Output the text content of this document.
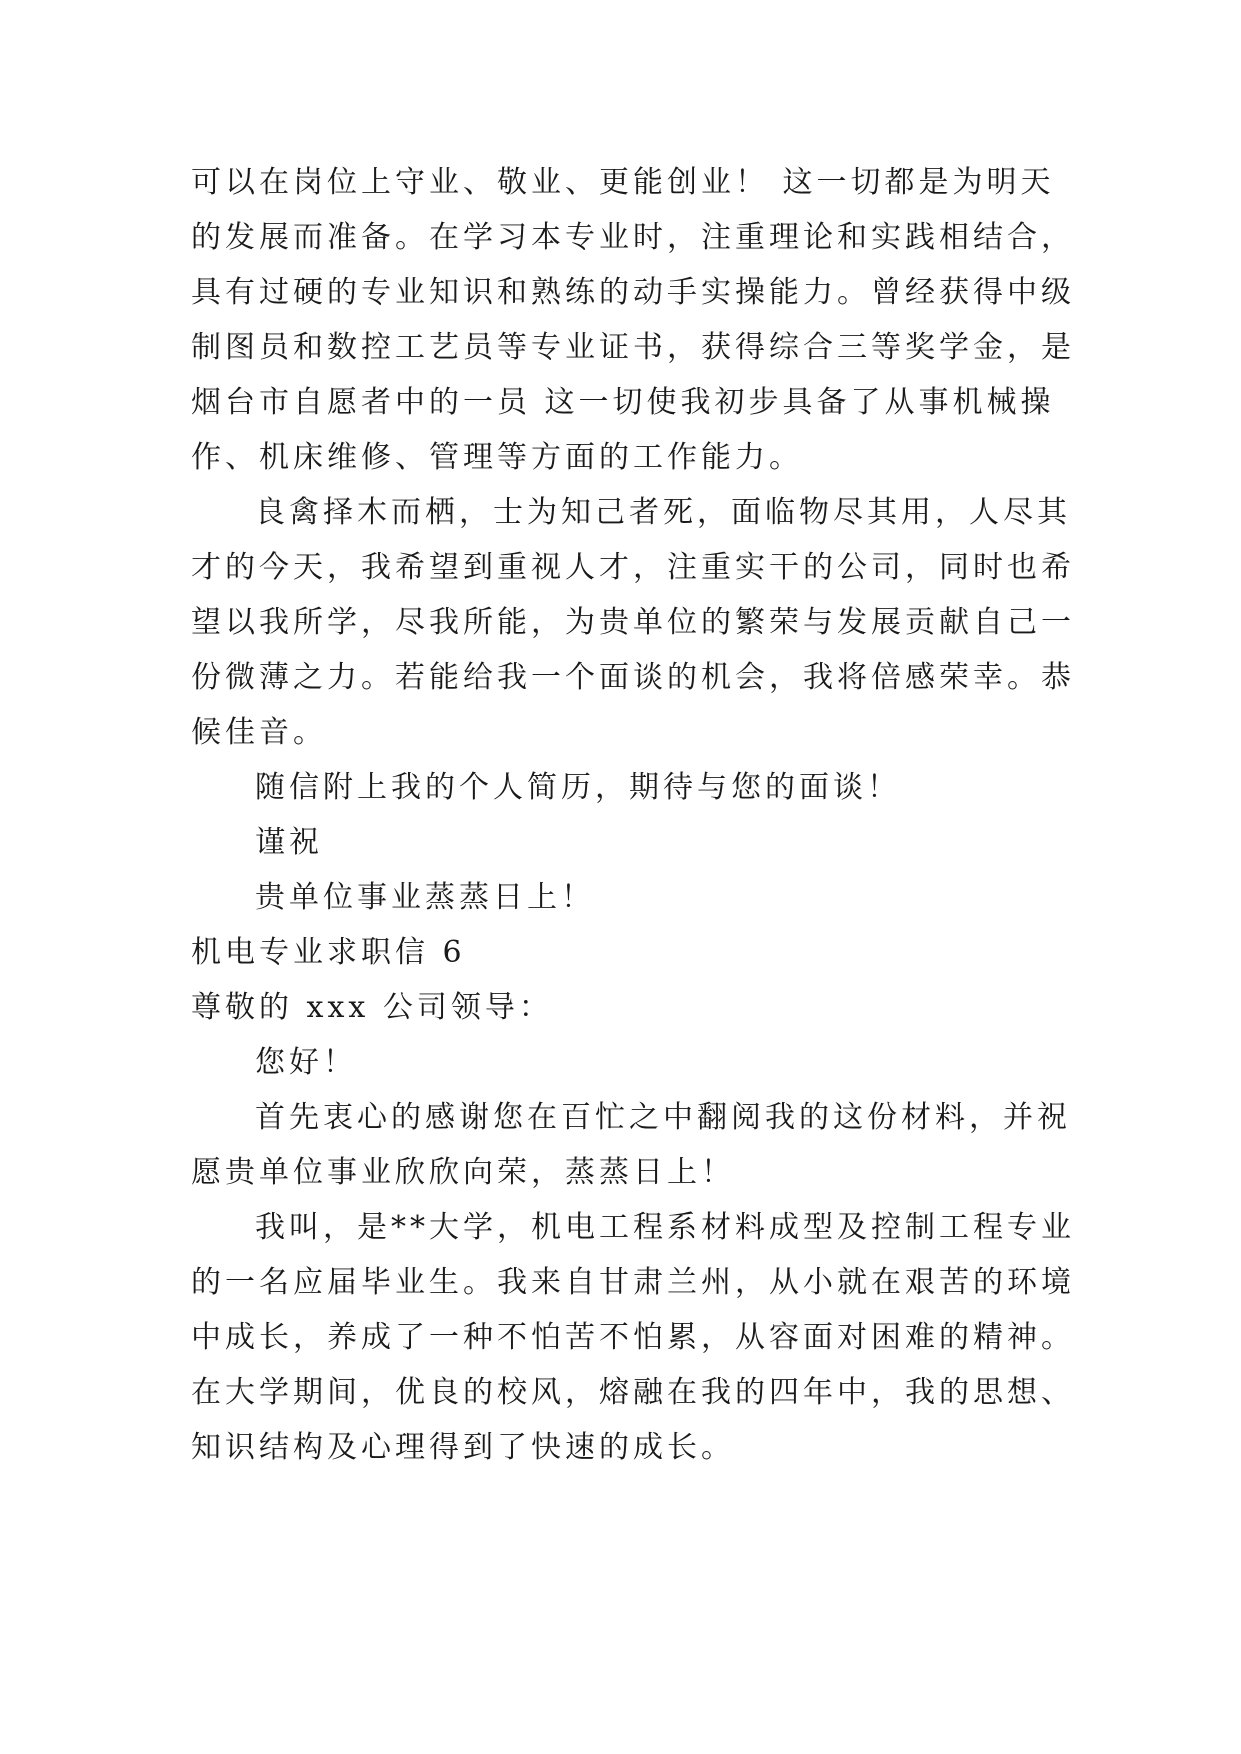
可以在岗位上守业、敬业、更能创业！ 这一切都是为明天
的发展而准备。在学习本专业时，注重理论和实践相结合，
具有过硬的专业知识和熟练的动手实操能力。曾经获得中级
制图员和数控工艺员等专业证书，获得综合三等奖学金，是
烟台市自愿者中的一员 这一切使我初步具备了从事机械操
作、机床维修、管理等方面的工作能力。
良禽择木而栖，士为知己者死，面临物尽其用，人尽其
才的今天，我希望到重视人才，注重实干的公司，同时也希
望以我所学，尽我所能，为贵单位的繁荣与发展贡献自己一
份微薄之力。若能给我一个面谈的机会，我将倍感荣幸。恭
候佳音。
随信附上我的个人简历，期待与您的面谈！
谨祝
贵单位事业蒸蒸日上！
机电专业求职信 6
尊敬的 xxx 公司领导：
您好！
首先衷心的感谢您在百忙之中翻阅我的这份材料，并祝
愿贵单位事业欣欣向荣，蒸蒸日上！
我叫，是**大学，机电工程系材料成型及控制工程专业
的一名应届毕业生。我来自甘肃兰州，从小就在艰苦的环境
中成长，养成了一种不怕苦不怕累，从容面对困难的精神。
在大学期间，优良的校风，熔融在我的四年中，我的思想、
知识结构及心理得到了快速的成长。
